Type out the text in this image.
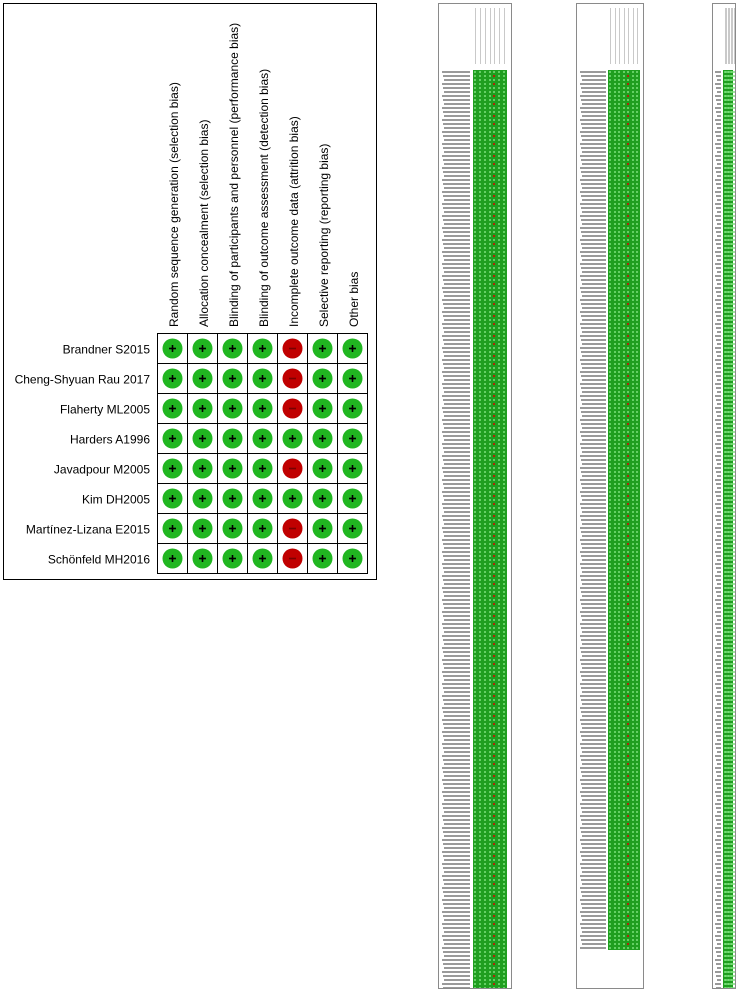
Random sequence generation (selection bias) Allocation concealment (selection bias) Blinding of participants and personnel (performance bias) Blinding of outcome assessment (detection bias) Incomplete outcome data (attrition bias) Selective reporting (reporting bias) Other bias
Brandner S2015
Cheng-Shyuan Rau 2017
Flaherty ML2005
Harders A1996
Javadpour M2005
Kim DH2005
Martínez-Lizana E2015
Schönfeld MH2016
